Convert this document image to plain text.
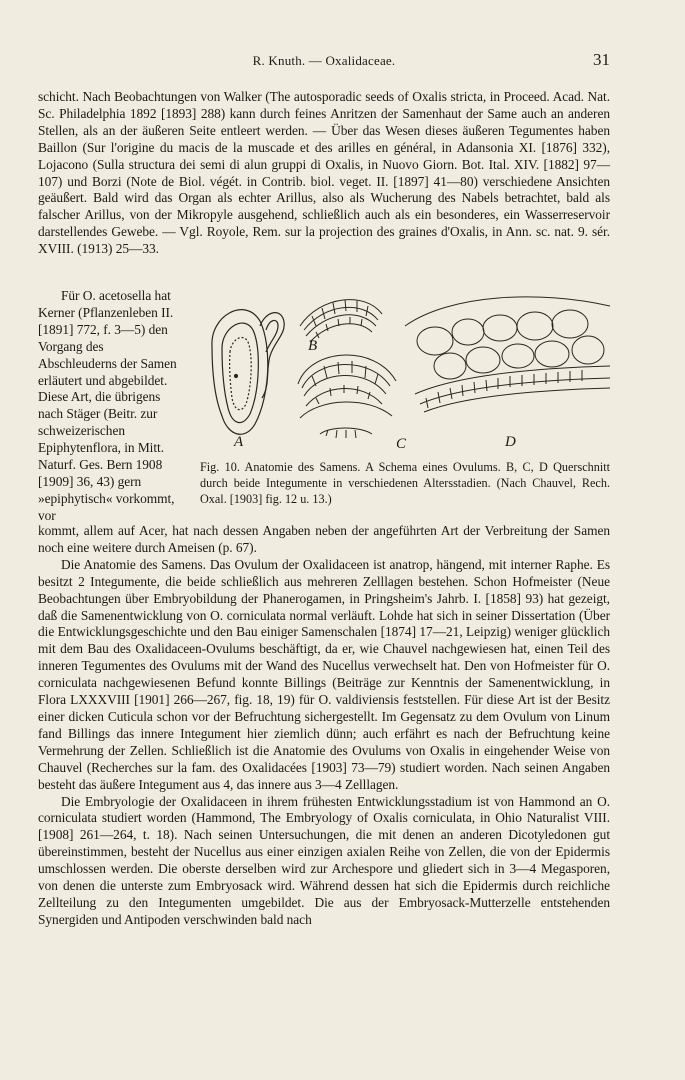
R. Knuth. — Oxalidaceae.	31

schicht. Nach Beobachtungen von Walker (The autosporadic seeds of Oxalis stricta, in Proceed. Acad. Nat. Sc. Philadelphia 1892 [1893] 288) kann durch feines Anritzen der Samenhaut der Same auch an anderen Stellen, als an der äußeren Seite entleert werden. — Über das Wesen dieses äußeren Tegumentes haben Baillon (Sur l'origine du macis de la muscade et des arilles en général, in Adansonia XI. [1876] 332), Lojacono (Sulla structura dei semi di alun gruppi di Oxalis, in Nuovo Giorn. Bot. Ital. XIV. [1882] 97—107) und Borzi (Note de Biol. végét. in Contrib. biol. veget. II. [1897] 41—80) verschiedene Ansichten geäußert. Bald wird das Organ als echter Arillus, also als Wucherung des Nabels betrachtet, bald als falscher Arillus, von der Mikropyle ausgehend, schließlich auch als ein besonderes, ein Wasserreservoir darstellendes Gewebe. — Vgl. Royole, Rem. sur la projection des graines d'Oxalis, in Ann. sc. nat. 9. sér. XVIII. (1913) 25—33.

Für O. acetosella hat Kerner (Pflanzenleben II. [1891] 772, f. 3—5) den Vorgang des Abschleuderns der Samen erläutert und abgebildet. Diese Art, die übrigens nach Stäger (Beitr. zur schweizerischen Epiphytenflora, in Mitt. Naturf. Ges. Bern 1908 [1909] 36, 43) gern »epiphytisch« vorkommt, vor

A
B
C	D
Fig. 10. Anatomie des Samens. A Schema eines Ovulums. B, C, D Querschnitt durch beide Integumente in verschiedenen Altersstadien. (Nach Chauvel, Rech. Oxal. [1903] fig. 12 u. 13.)

kommt, allem auf Acer, hat nach dessen Angaben neben der angeführten Art der Verbreitung der Samen noch eine weitere durch Ameisen (p. 67).

Die Anatomie des Samens. Das Ovulum der Oxalidaceen ist anatrop, hängend, mit interner Raphe. Es besitzt 2 Integumente, die beide schließlich aus mehreren Zelllagen bestehen. Schon Hofmeister (Neue Beobachtungen über Embryobildung der Phanerogamen, in Pringsheim's Jahrb. I. [1858] 93) hat gezeigt, daß die Samenentwicklung von O. corniculata normal verläuft. Lohde hat sich in seiner Dissertation (Über die Entwicklungsgeschichte und den Bau einiger Samenschalen [1874] 17—21, Leipzig) weniger glücklich mit dem Bau des Oxalidaceen-Ovulums beschäftigt, da er, wie Chauvel nachgewiesen hat, einen Teil des inneren Tegumentes des Ovulums mit der Wand des Nucellus verwechselt hat. Den von Hofmeister für O. corniculata nachgewiesenen Befund konnte Billings (Beiträge zur Kenntnis der Samenentwicklung, in Flora LXXXVIII [1901] 266—267, fig. 18, 19) für O. valdiviensis feststellen. Für diese Art ist der Besitz einer dicken Cuticula schon vor der Befruchtung sichergestellt. Im Gegensatz zu dem Ovulum von Linum fand Billings das innere Integument hier ziemlich dünn; auch erfährt es nach der Befruchtung keine Vermehrung der Zellen. Schließlich ist die Anatomie des Ovulums von Oxalis in eingehender Weise von Chauvel (Recherches sur la fam. des Oxalidacées [1903] 73—79) studiert worden. Nach seinen Angaben besteht das äußere Integument aus 4, das innere aus 3—4 Zelllagen.

Die Embryologie der Oxalidaceen in ihrem frühesten Entwicklungsstadium ist von Hammond an O. corniculata studiert worden (Hammond, The Embryology of Oxalis corniculata, in Ohio Naturalist VIII. [1908] 261—264, t. 18). Nach seinen Untersuchungen, die mit denen an anderen Dicotyledonen gut übereinstimmen, besteht der Nucellus aus einer einzigen axialen Reihe von Zellen, die von der Epidermis umschlossen werden. Die oberste derselben wird zur Archespore und gliedert sich in 3—4 Megasporen, von denen die unterste zum Embryosack wird. Während dessen hat sich die Epidermis durch reichliche Zellteilung zu den Integumenten umgebildet. Die aus der Embryosack-Mutterzelle entstehenden Synergiden und Antipoden verschwinden bald nach
